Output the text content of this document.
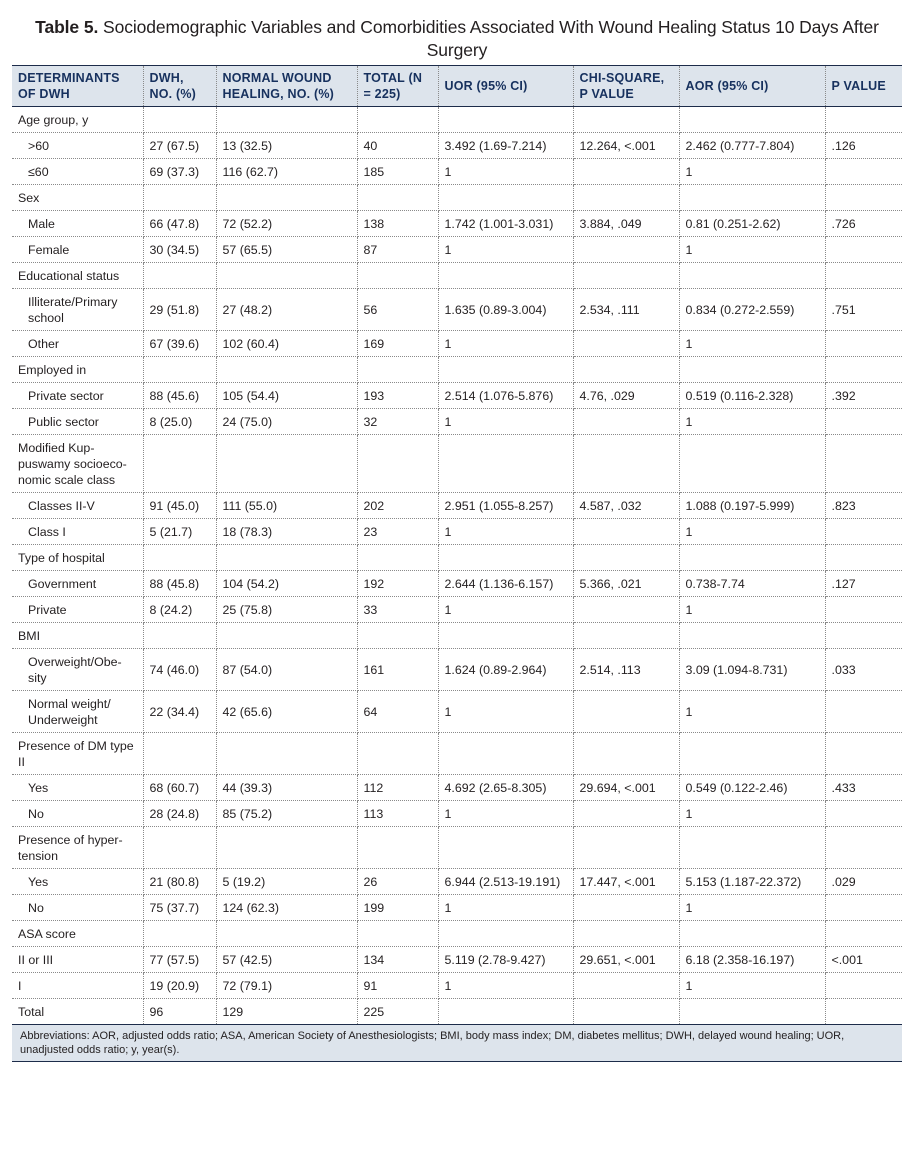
Table 5. Sociodemographic Variables and Comorbidities Associated With Wound Healing Status 10 Days After Surgery
DETERMINANTS OF DWH	DWH, NO. (%)	NORMAL WOUND HEALING, NO. (%)	TOTAL (N = 225)	UOR (95% CI)	CHI-SQUARE, P VALUE	AOR (95% CI)	P VALUE
Age group, y							
>60	27 (67.5)	13 (32.5)	40	3.492 (1.69-7.214)	12.264, <.001	2.462 (0.777-7.804)	.126
≤60	69 (37.3)	116 (62.7)	185	1		1	
Sex							
Male	66 (47.8)	72 (52.2)	138	1.742 (1.001-3.031)	3.884, .049	0.81 (0.251-2.62)	.726
Female	30 (34.5)	57 (65.5)	87	1		1	
Educational status							
Illiterate/Primary school	29 (51.8)	27 (48.2)	56	1.635 (0.89-3.004)	2.534, .111	0.834 (0.272-2.559)	.751
Other	67 (39.6)	102 (60.4)	169	1		1	
Employed in							
Private sector	88 (45.6)	105 (54.4)	193	2.514 (1.076-5.876)	4.76, .029	0.519 (0.116-2.328)	.392
Public sector	8 (25.0)	24 (75.0)	32	1		1	
Modified Kup-puswamy socioeco-nomic scale class							
Classes II-V	91 (45.0)	111 (55.0)	202	2.951 (1.055-8.257)	4.587, .032	1.088 (0.197-5.999)	.823
Class I	5 (21.7)	18 (78.3)	23	1		1	
Type of hospital							
Government	88 (45.8)	104 (54.2)	192	2.644 (1.136-6.157)	5.366, .021	0.738-7.74	.127
Private	8 (24.2)	25 (75.8)	33	1		1	
BMI							
Overweight/Obe-sity	74 (46.0)	87 (54.0)	161	1.624 (0.89-2.964)	2.514, .113	3.09 (1.094-8.731)	.033
Normal weight/ Underweight	22 (34.4)	42 (65.6)	64	1		1	
Presence of DM type II							
Yes	68 (60.7)	44 (39.3)	112	4.692 (2.65-8.305)	29.694, <.001	0.549 (0.122-2.46)	.433
No	28 (24.8)	85 (75.2)	113	1		1	
Presence of hyper-tension							
Yes	21 (80.8)	5 (19.2)	26	6.944 (2.513-19.191)	17.447, <.001	5.153 (1.187-22.372)	.029
No	75 (37.7)	124 (62.3)	199	1		1	
ASA score							
II or III	77 (57.5)	57 (42.5)	134	5.119 (2.78-9.427)	29.651, <.001	6.18 (2.358-16.197)	<.001
I	19 (20.9)	72 (79.1)	91	1		1	
Total	96	129	225				
Abbreviations: AOR, adjusted odds ratio; ASA, American Society of Anesthesiologists; BMI, body mass index; DM, diabetes mellitus; DWH, delayed wound healing; UOR, unadjusted odds ratio; y, year(s).
